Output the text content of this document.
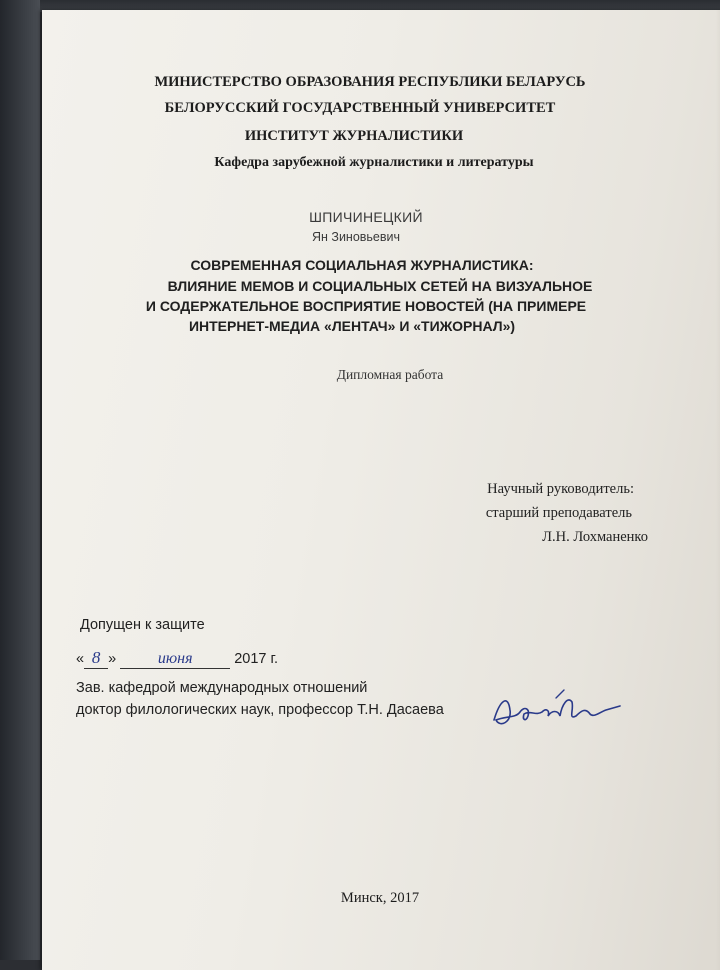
МИНИСТЕРСТВО ОБРАЗОВАНИЯ РЕСПУБЛИКИ БЕЛАРУСЬ
БЕЛОРУССКИЙ ГОСУДАРСТВЕННЫЙ УНИВЕРСИТЕТ
ИНСТИТУТ ЖУРНАЛИСТИКИ
Кафедра зарубежной журналистики и литературы
ШПИЧИНЕЦКИЙ
Ян Зиновьевич
СОВРЕМЕННАЯ СОЦИАЛЬНАЯ ЖУРНАЛИСТИКА:
ВЛИЯНИЕ МЕМОВ И СОЦИАЛЬНЫХ СЕТЕЙ НА ВИЗУАЛЬНОЕ
И СОДЕРЖАТЕЛЬНОЕ ВОСПРИЯТИЕ НОВОСТЕЙ (НА ПРИМЕРЕ
ИНТЕРНЕТ-МЕДИА «ЛЕНТАЧ» И «ТИЖОРНАЛ»)
Дипломная работа
Научный руководитель:
старший преподаватель
Л.Н. Лохманенко
Допущен к защите
« 8 »	июня	2017 г.
Зав. кафедрой международных отношений
доктор филологических наук, профессор Т.Н. Дасаева
Минск, 2017
